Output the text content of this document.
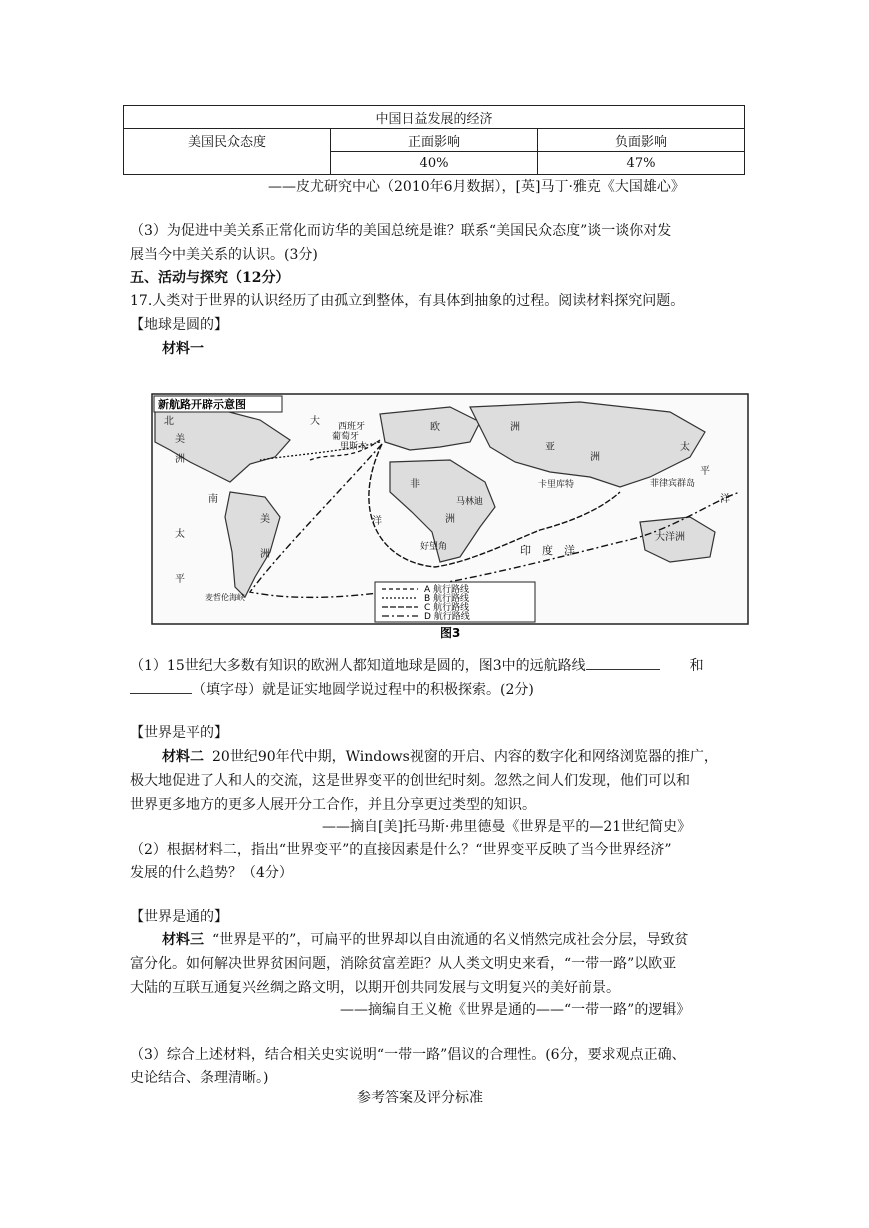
中国日益发展的经济		
美国民众态度	正面影响	负面影响
	40%	47%
——皮尤研究中心（2010年6月数据），[英]马丁·雅克《大国雄心》
（3）为促进中美关系正常化而访华的美国总统是谁？联系“美国民众态度”谈一谈你对发
展当今中美关系的认识。(3分)
五、活动与探究（12分）
17.人类对于世界的认识经历了由孤立到整体，有具体到抽象的过程。阅读材料探究问题。
【地球是圆的】
材料一
新航路开辟示意图
北
美
洲
大
欧	洲
亚
洲
西班牙
葡萄牙
里斯本
非
洲
卡里库特
马林迪
菲律宾群岛
太
平
洋
南
美
洲
太
平
洋
好望角
麦哲伦海峡
印　度　洋
大洋洲
A 航行路线
B 航行路线
C 航行路线
D 航行路线
图3
（1）15世纪大多数有知识的欧洲人都知道地球是圆的，图3中的远航路线	和
（填字母）就是证实地圆学说过程中的积极探索。(2分)
【世界是平的】
材料二 20世纪90年代中期，Windows视窗的开启、内容的数字化和网络浏览器的推广，
极大地促进了人和人的交流，这是世界变平的创世纪时刻。忽然之间人们发现，他们可以和
世界更多地方的更多人展开分工合作，并且分享更过类型的知识。
——摘自[美]托马斯·弗里德曼《世界是平的—21世纪简史》
（2）根据材料二，指出“世界变平”的直接因素是什么？“世界变平反映了当今世界经济”
发展的什么趋势？（4分）
【世界是通的】
材料三 “世界是平的”，可扁平的世界却以自由流通的名义悄然完成社会分层，导致贫
富分化。如何解决世界贫困问题，消除贫富差距？从人类文明史来看，“一带一路”以欧亚
大陆的互联互通复兴丝绸之路文明，以期开创共同发展与文明复兴的美好前景。
——摘编自王义桅《世界是通的——“一带一路”的逻辑》
（3）综合上述材料，结合相关史实说明“一带一路”倡议的合理性。(6分，要求观点正确、
史论结合、条理清晰。)
参考答案及评分标准
